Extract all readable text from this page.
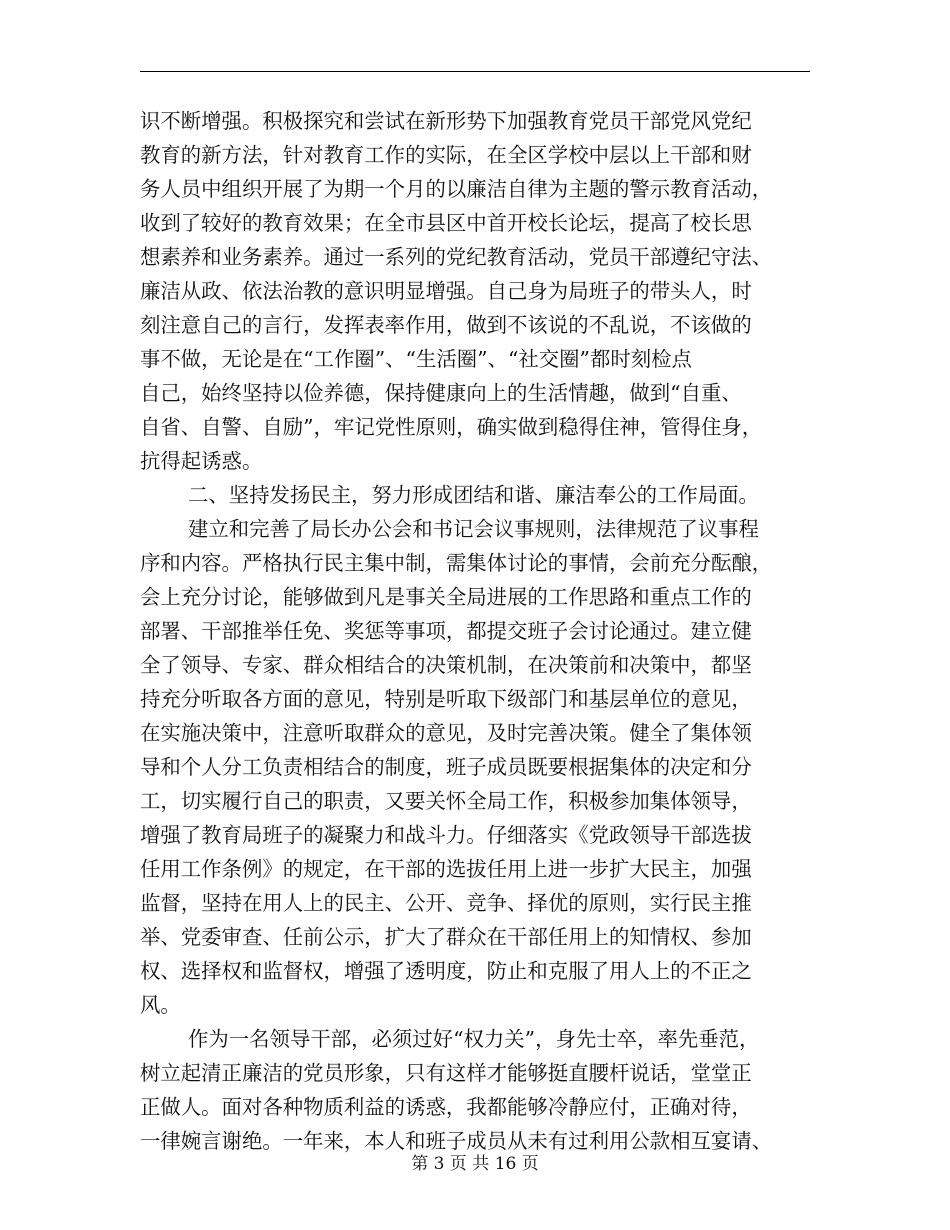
识不断增强。积极探究和尝试在新形势下加强教育党员干部党风党纪
教育的新方法，针对教育工作的实际，在全区学校中层以上干部和财
务人员中组织开展了为期一个月的以廉洁自律为主题的警示教育活动，
收到了较好的教育效果；在全市县区中首开校长论坛，提高了校长思
想素养和业务素养。通过一系列的党纪教育活动，党员干部遵纪守法、
廉洁从政、依法治教的意识明显增强。自己身为局班子的带头人，时
刻注意自己的言行，发挥表率作用，做到不该说的不乱说，不该做的
事不做，无论是在“工作圈”、“生活圈”、“社交圈”都时刻检点
自己，始终坚持以俭养德，保持健康向上的生活情趣，做到“自重、
自省、自警、自励”，牢记党性原则，确实做到稳得住神，管得住身，
抗得起诱惑。
二、坚持发扬民主，努力形成团结和谐、廉洁奉公的工作局面。
建立和完善了局长办公会和书记会议事规则，法律规范了议事程
序和内容。严格执行民主集中制，需集体讨论的事情，会前充分酝酿，
会上充分讨论，能够做到凡是事关全局进展的工作思路和重点工作的
部署、干部推举任免、奖惩等事项，都提交班子会讨论通过。建立健
全了领导、专家、群众相结合的决策机制，在决策前和决策中，都坚
持充分听取各方面的意见，特别是听取下级部门和基层单位的意见，
在实施决策中，注意听取群众的意见，及时完善决策。健全了集体领
导和个人分工负责相结合的制度，班子成员既要根据集体的决定和分
工，切实履行自己的职责，又要关怀全局工作，积极参加集体领导，
增强了教育局班子的凝聚力和战斗力。仔细落实《党政领导干部选拔
任用工作条例》的规定，在干部的选拔任用上进一步扩大民主，加强
监督，坚持在用人上的民主、公开、竞争、择优的原则，实行民主推
举、党委审查、任前公示，扩大了群众在干部任用上的知情权、参加
权、选择权和监督权，增强了透明度，防止和克服了用人上的不正之
风。
作为一名领导干部，必须过好“权力关”，身先士卒，率先垂范，
树立起清正廉洁的党员形象，只有这样才能够挺直腰杆说话，堂堂正
正做人。面对各种物质利益的诱惑，我都能够冷静应付，正确对待，
一律婉言谢绝。一年来，本人和班子成员从未有过利用公款相互宴请、
第 3 页 共 16 页
